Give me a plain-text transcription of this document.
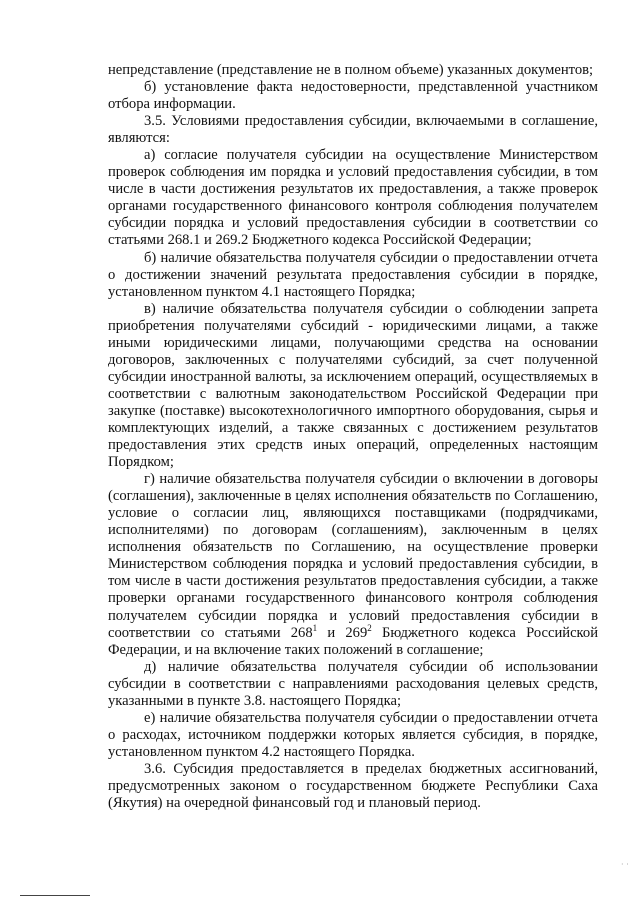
непредставление (представление не в полном объеме) указанных документов;

б) установление факта недостоверности, представленной участником отбора информации.

3.5. Условиями предоставления субсидии, включаемыми в соглашение, являются:

а) согласие получателя субсидии на осуществление Министерством проверок соблюдения им порядка и условий предоставления субсидии, в том числе в части достижения результатов их предоставления, а также проверок органами государственного финансового контроля соблюдения получателем субсидии порядка и условий предоставления субсидии в соответствии со статьями 268.1 и 269.2 Бюджетного кодекса Российской Федерации;

б) наличие обязательства получателя субсидии о предоставлении отчета о достижении значений результата предоставления субсидии в порядке, установленном пунктом 4.1 настоящего Порядка;

в) наличие обязательства получателя субсидии о соблюдении запрета приобретения получателями субсидий - юридическими лицами, а также иными юридическими лицами, получающими средства на основании договоров, заключенных с получателями субсидий, за счет полученной субсидии иностранной валюты, за исключением операций, осуществляемых в соответствии с валютным законодательством Российской Федерации при закупке (поставке) высокотехнологичного импортного оборудования, сырья и комплектующих изделий, а также связанных с достижением результатов предоставления этих средств иных операций, определенных настоящим Порядком;

г) наличие обязательства получателя субсидии о включении в договоры (соглашения), заключенные в целях исполнения обязательств по Соглашению, условие о согласии лиц, являющихся поставщиками (подрядчиками, исполнителями) по договорам (соглашениям), заключенным в целях исполнения обязательств по Соглашению, на осуществление проверки Министерством соблюдения порядка и условий предоставления субсидии, в том числе в части достижения результатов предоставления субсидии, а также проверки органами государственного финансового контроля соблюдения получателем субсидии порядка и условий предоставления субсидии в соответствии со статьями $268^1$ и $269^2$ Бюджетного кодекса Российской Федерации, и на включение таких положений в соглашение;

д) наличие обязательства получателя субсидии об использовании субсидии в соответствии с направлениями расходования целевых средств, указанными в пункте 3.8. настоящего Порядка;

е) наличие обязательства получателя субсидии о предоставлении отчета о расходах, источником поддержки которых является субсидия, в порядке, установленном пунктом 4.2 настоящего Порядка.

3.6. Субсидия предоставляется в пределах бюджетных ассигнований, предусмотренных законом о государственном бюджете Республики Саха (Якутия) на очередной финансовый год и плановый период.

· ·
